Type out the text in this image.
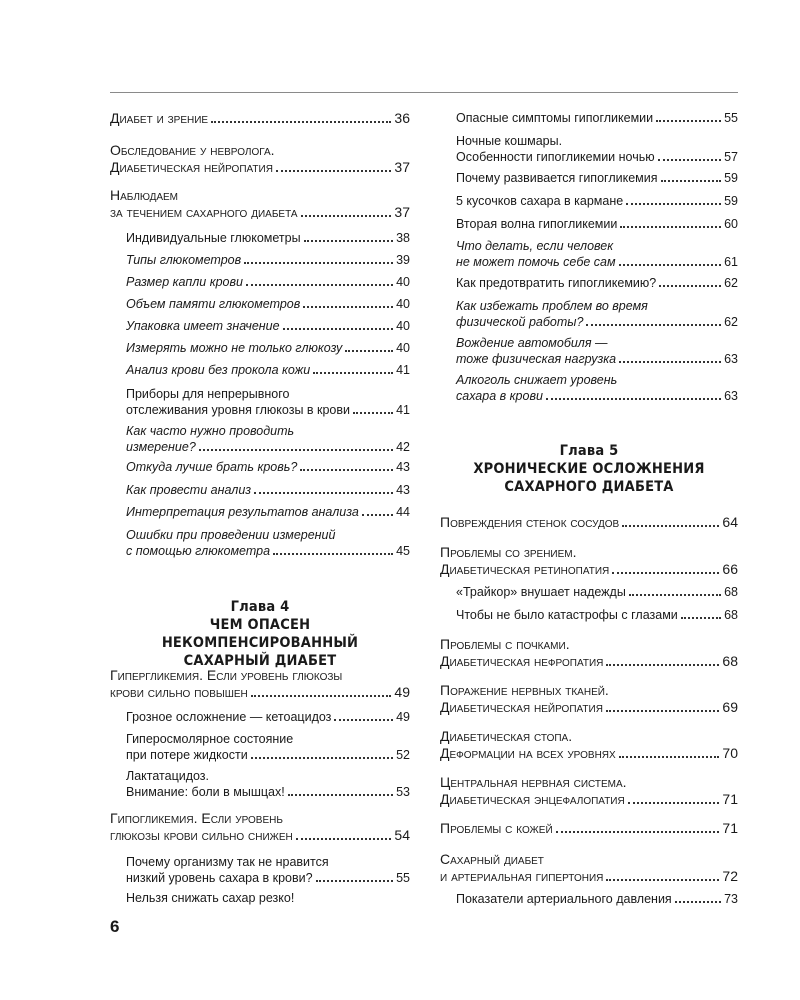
Диабет и зрение	36
Обследование у невролога.
Диабетическая нейропатия	37
Наблюдаем
за течением сахарного диабета	37
Индивидуальные глюкометры	38
Типы глюкометров	39
Размер капли крови	40
Объем памяти глюкометров	40
Упаковка имеет значение	40
Измерять можно не только глюкозу	40
Анализ крови без прокола кожи	41
Приборы для непрерывного
отслеживания уровня глюкозы в крови	41
Как часто нужно проводить
измерение?	42
Откуда лучше брать кровь?	43
Как провести анализ	43
Интерпретация результатов анализа	44
Ошибки при проведении измерений
с помощью глюкометра	45
Гипергликемия. Если уровень глюкозы
крови сильно повышен	49
Грозное осложнение — кетоацидоз	49
Гиперосмолярное состояние
при потере жидкости	52
Лактатацидоз.
Внимание: боли в мышцах!	53
Гипогликемия. Если уровень
глюкозы крови сильно снижен	54
Почему организму так не нравится
низкий уровень сахара в крови?	55
Нельзя снижать сахар резко!
Опасные симптомы гипогликемии	55
Ночные кошмары.
Особенности гипогликемии ночью	57
Почему развивается гипогликемия	59
5 кусочков сахара в кармане	59
Вторая волна гипогликемии	60
Что делать, если человек
не может помочь себе сам	61
Как предотвратить гипогликемию?	62
Как избежать проблем во время
физической работы?	62
Вождение автомобиля —
тоже физическая нагрузка	63
Алкоголь снижает уровень
сахара в крови	63
Повреждения стенок сосудов	64
Проблемы со зрением.
Диабетическая ретинопатия	66
«Трайкор» внушает надежды	68
Чтобы не было катастрофы с глазами	68
Проблемы с почками.
Диабетическая нефропатия	68
Поражение нервных тканей.
Диабетическая нейропатия	69
Диабетическая стопа.
Деформации на всех уровнях	70
Центральная нервная система.
Диабетическая энцефалопатия	71
Проблемы с кожей	71
Сахарный диабет
и артериальная гипертония	72
Показатели артериального давления	73
Глава 4
ЧЕМ ОПАСЕН НЕКОМПЕНСИРОВАННЫЙ
САХАРНЫЙ ДИАБЕТ
Глава 5
ХРОНИЧЕСКИЕ ОСЛОЖНЕНИЯ
САХАРНОГО ДИАБЕТА
6
